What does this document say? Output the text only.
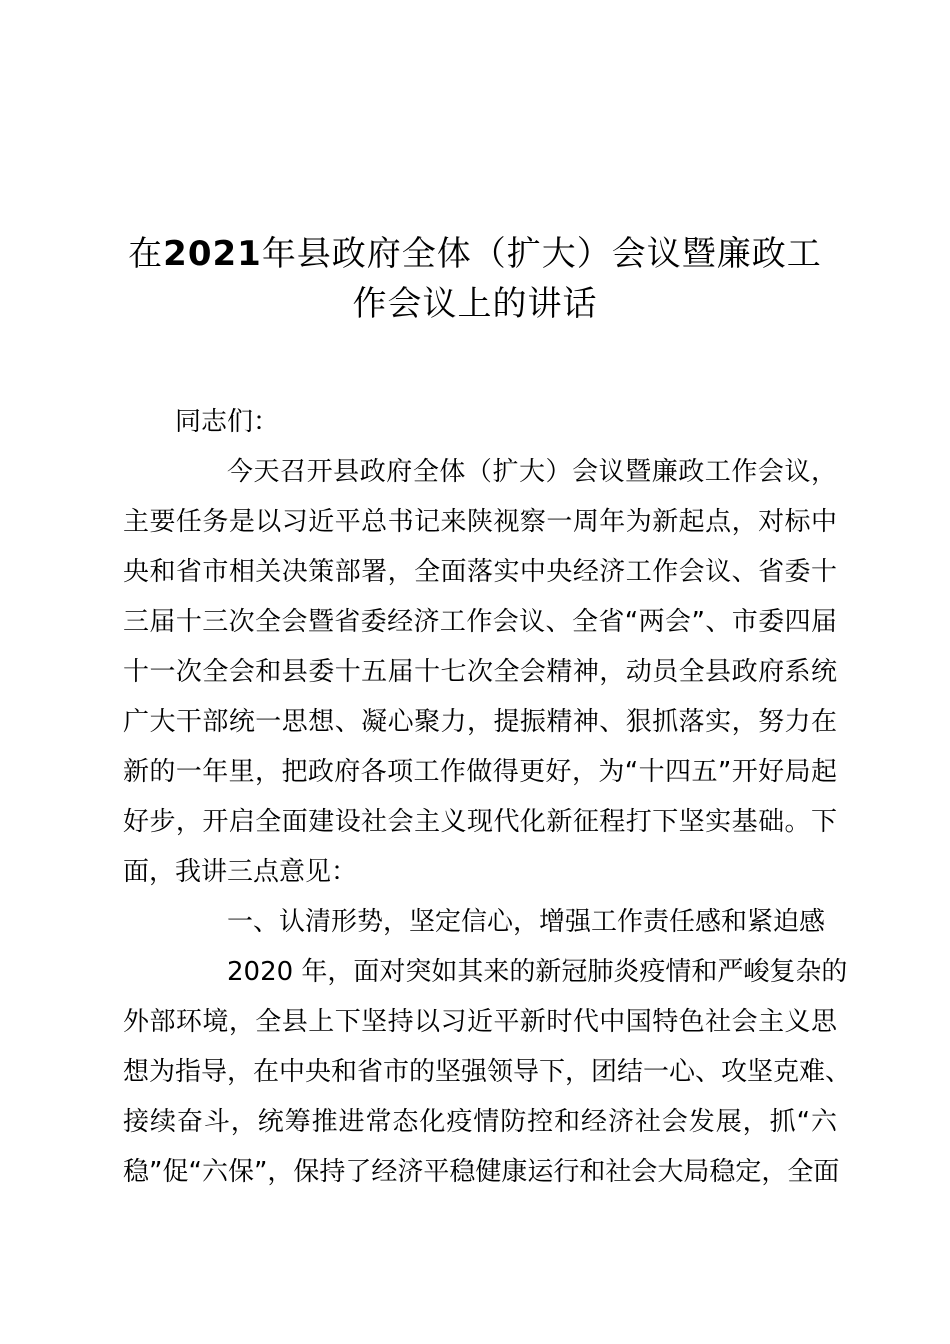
在2021年县政府全体（扩大）会议暨廉政工
作会议上的讲话
同志们：
今天召开县政府全体（扩大）会议暨廉政工作会议，
主要任务是以习近平总书记来陕视察一周年为新起点，对标中
央和省市相关决策部署，全面落实中央经济工作会议、省委十
三届十三次全会暨省委经济工作会议、全省“两会”、市委四届
十一次全会和县委十五届十七次全会精神，动员全县政府系统
广大干部统一思想、凝心聚力，提振精神、狠抓落实，努力在
新的一年里，把政府各项工作做得更好，为“十四五”开好局起
好步，开启全面建设社会主义现代化新征程打下坚实基础。下
面，我讲三点意见：
一、认清形势，坚定信心，增强工作责任感和紧迫感
2020 年，面对突如其来的新冠肺炎疫情和严峻复杂的
外部环境，全县上下坚持以习近平新时代中国特色社会主义思
想为指导，在中央和省市的坚强领导下，团结一心、攻坚克难、
接续奋斗，统筹推进常态化疫情防控和经济社会发展，抓“六
稳”促“六保”，保持了经济平稳健康运行和社会大局稳定，全面
